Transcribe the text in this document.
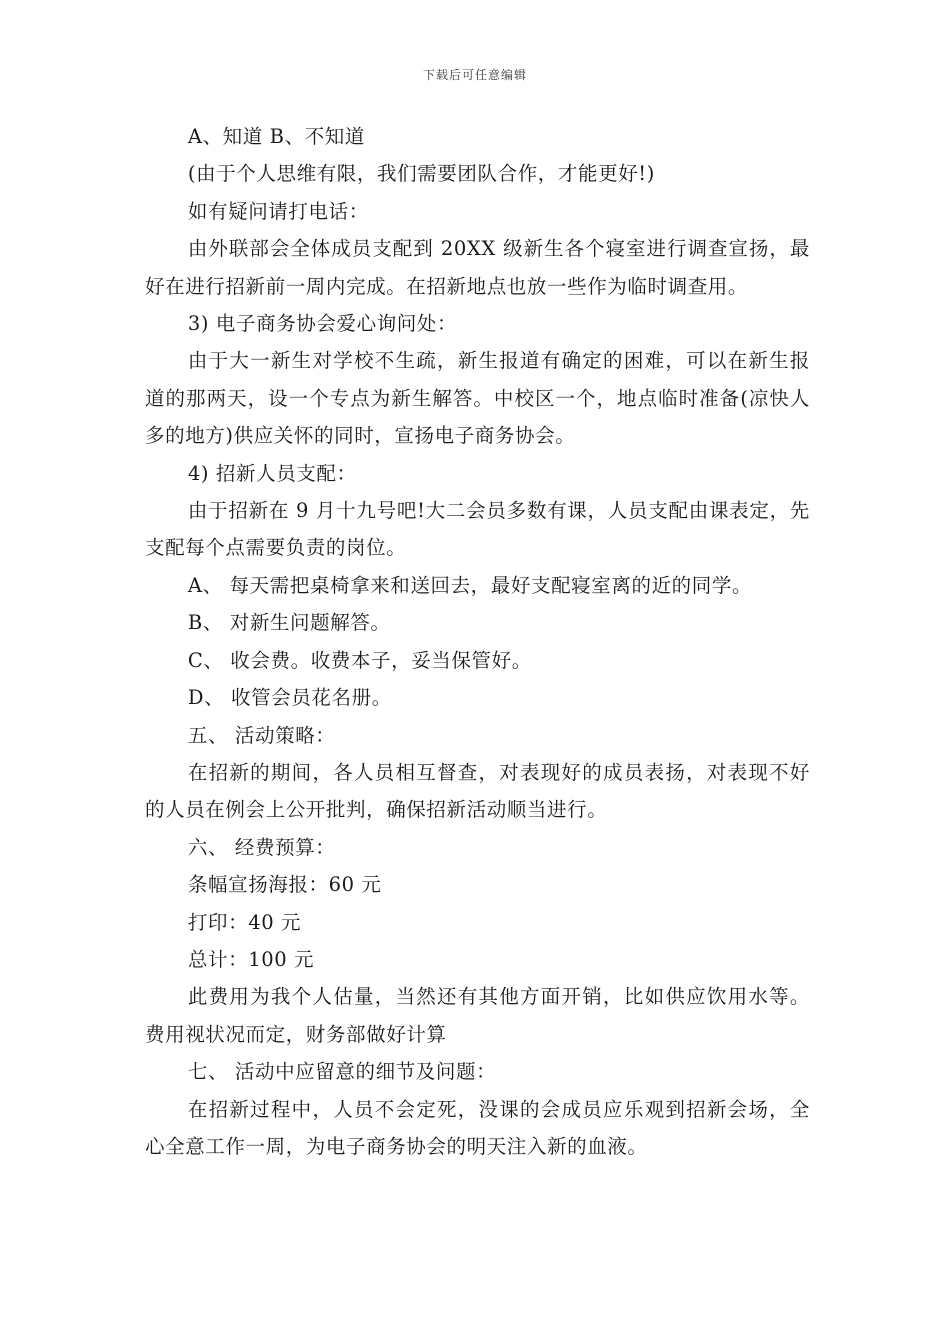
下载后可任意编辑

A、知道 B、不知道

(由于个人思维有限，我们需要团队合作，才能更好!)

如有疑问请打电话：

由外联部会全体成员支配到 20XX 级新生各个寝室进行调查宣扬，最好在进行招新前一周内完成。在招新地点也放一些作为临时调查用。

3) 电子商务协会爱心询问处：

由于大一新生对学校不生疏，新生报道有确定的困难，可以在新生报道的那两天，设一个专点为新生解答。中校区一个，地点临时准备(凉快人多的地方)供应关怀的同时，宣扬电子商务协会。

4) 招新人员支配：

由于招新在 9 月十九号吧!大二会员多数有课，人员支配由课表定，先支配每个点需要负责的岗位。

A、 每天需把桌椅拿来和送回去，最好支配寝室离的近的同学。

B、 对新生问题解答。

C、 收会费。收费本子，妥当保管好。

D、 收管会员花名册。

五、 活动策略：

在招新的期间，各人员相互督查，对表现好的成员表扬，对表现不好的人员在例会上公开批判，确保招新活动顺当进行。

六、 经费预算：

条幅宣扬海报：60 元

打印：40 元

总计：100 元

此费用为我个人估量，当然还有其他方面开销，比如供应饮用水等。费用视状况而定，财务部做好计算

七、 活动中应留意的细节及问题：

在招新过程中，人员不会定死，没课的会成员应乐观到招新会场，全心全意工作一周，为电子商务协会的明天注入新的血液。
